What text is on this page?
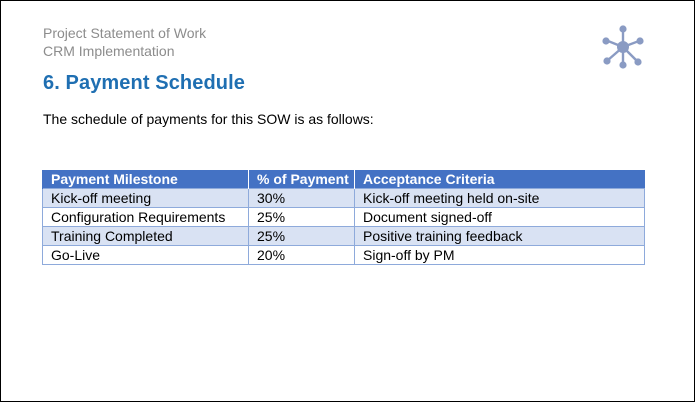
Project Statement of Work
CRM Implementation
6. Payment Schedule

The schedule of payments for this SOW is as follows:

Payment Milestone	% of Payment	Acceptance Criteria
Kick-off meeting	30%	Kick-off meeting held on-site
Configuration Requirements	25%	Document signed-off
Training Completed	25%	Positive training feedback
Go-Live	20%	Sign-off by PM
